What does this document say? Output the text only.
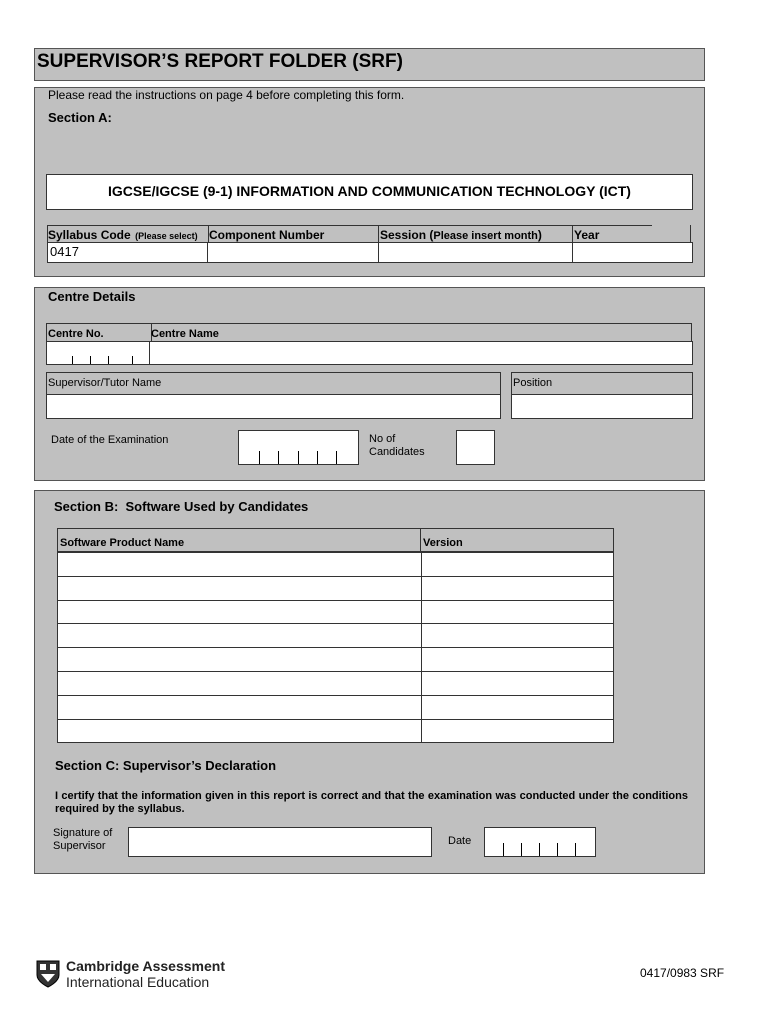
SUPERVISOR’S REPORT FOLDER (SRF)
Please read the instructions on page 4 before completing this form.
Section A:
IGCSE/IGCSE (9-1) INFORMATION AND COMMUNICATION TECHNOLOGY (ICT)
Syllabus Code (Please select) Component Number	Session (Please insert month)	Year
0417
Centre Details
Centre No.	Centre Name
Supervisor/Tutor Name	Position
Date of the Examination	No of
Candidates
Section B:  Software Used by Candidates
Software Product Name	Version

Section C: Supervisor’s Declaration
I certify that the information given in this report is correct and that the examination was conducted under the conditions required by the syllabus.
Signature of
Supervisor	Date
Cambridge Assessment
International Education
0417/0983 SRF
